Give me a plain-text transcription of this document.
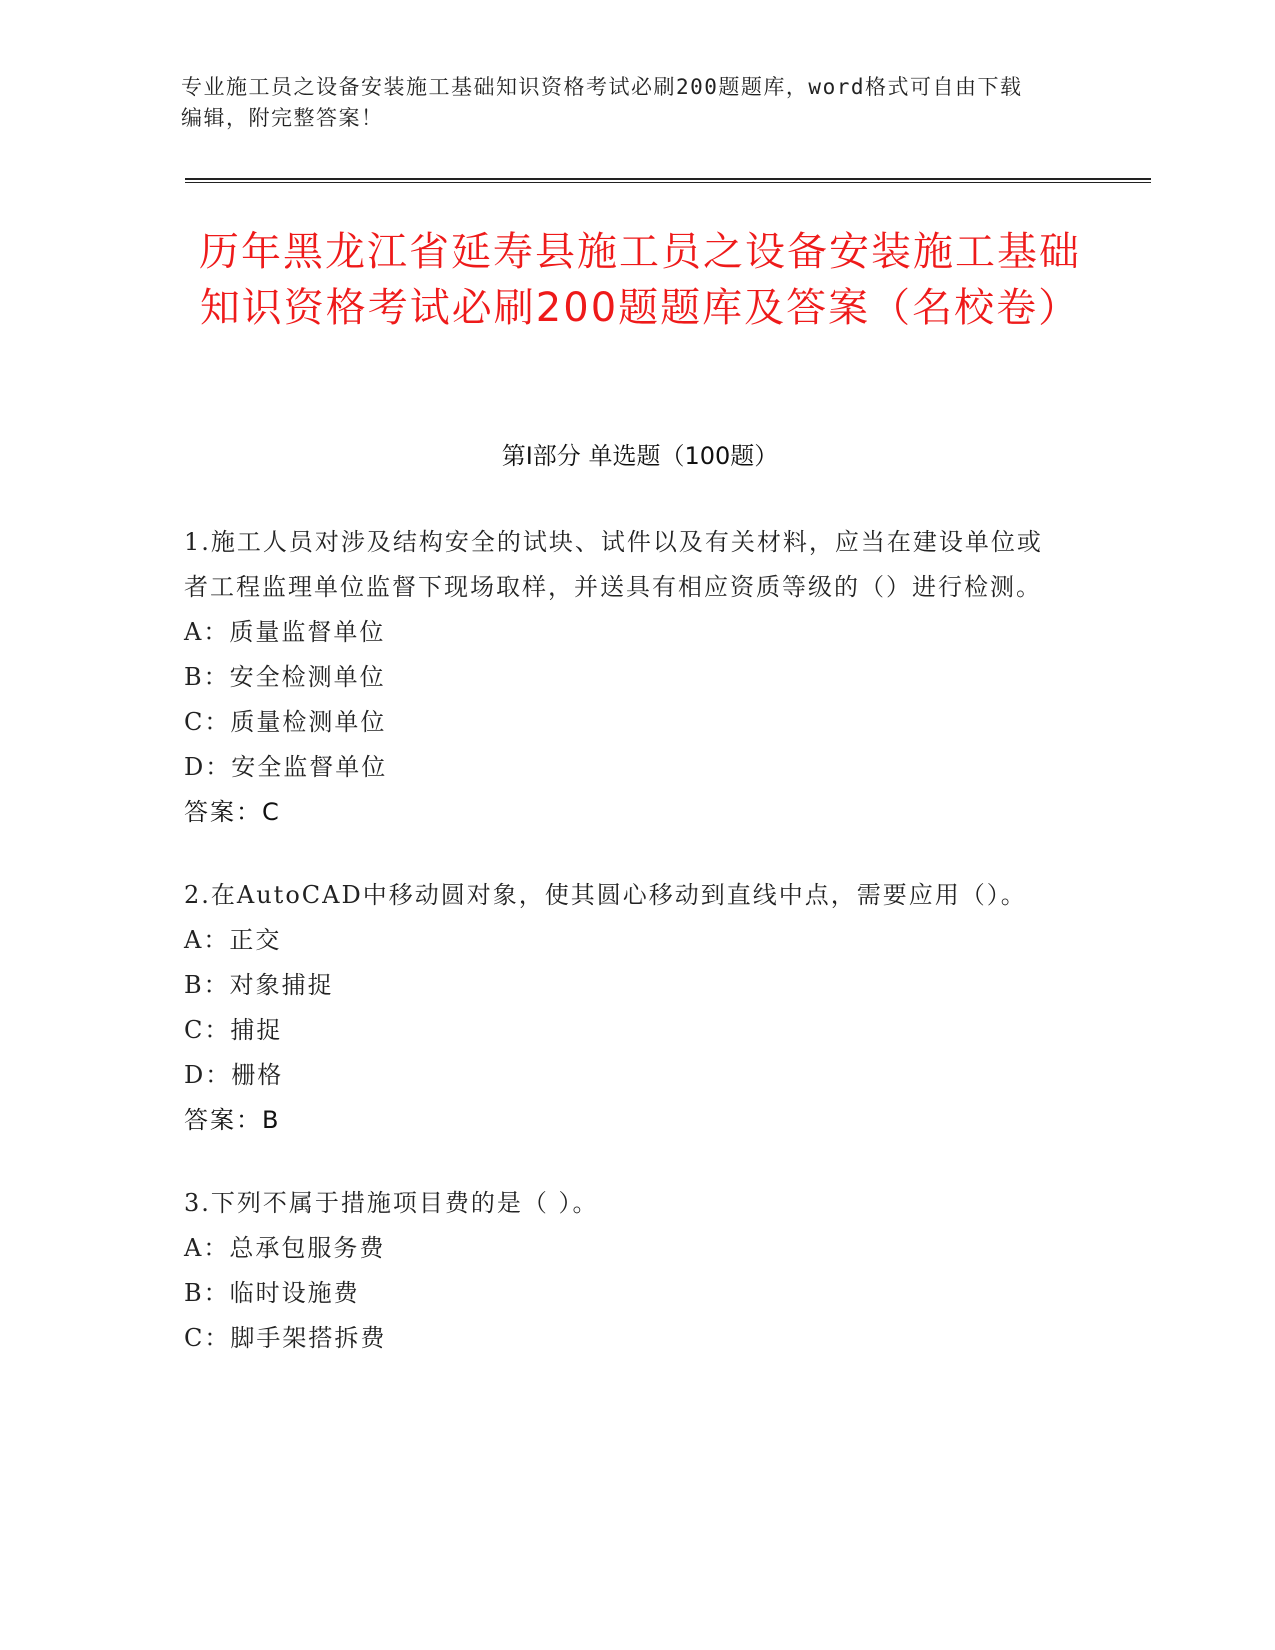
专业施工员之设备安装施工基础知识资格考试必刷200题题库，word格式可自由下载编辑，附完整答案！
历年黑龙江省延寿县施工员之设备安装施工基础知识资格考试必刷200题题库及答案（名校卷）
第Ⅰ部分 单选题（100题）
1.施工人员对涉及结构安全的试块、试件以及有关材料，应当在建设单位或者工程监理单位监督下现场取样，并送具有相应资质等级的（）进行检测。
A：质量监督单位
B：安全检测单位
C：质量检测单位
D：安全监督单位
答案：C
2.在AutoCAD中移动圆对象，使其圆心移动到直线中点，需要应用（）。
A：正交
B：对象捕捉
C：捕捉
D：栅格
答案：B
3.下列不属于措施项目费的是（ ）。
A：总承包服务费
B：临时设施费
C：脚手架搭拆费
